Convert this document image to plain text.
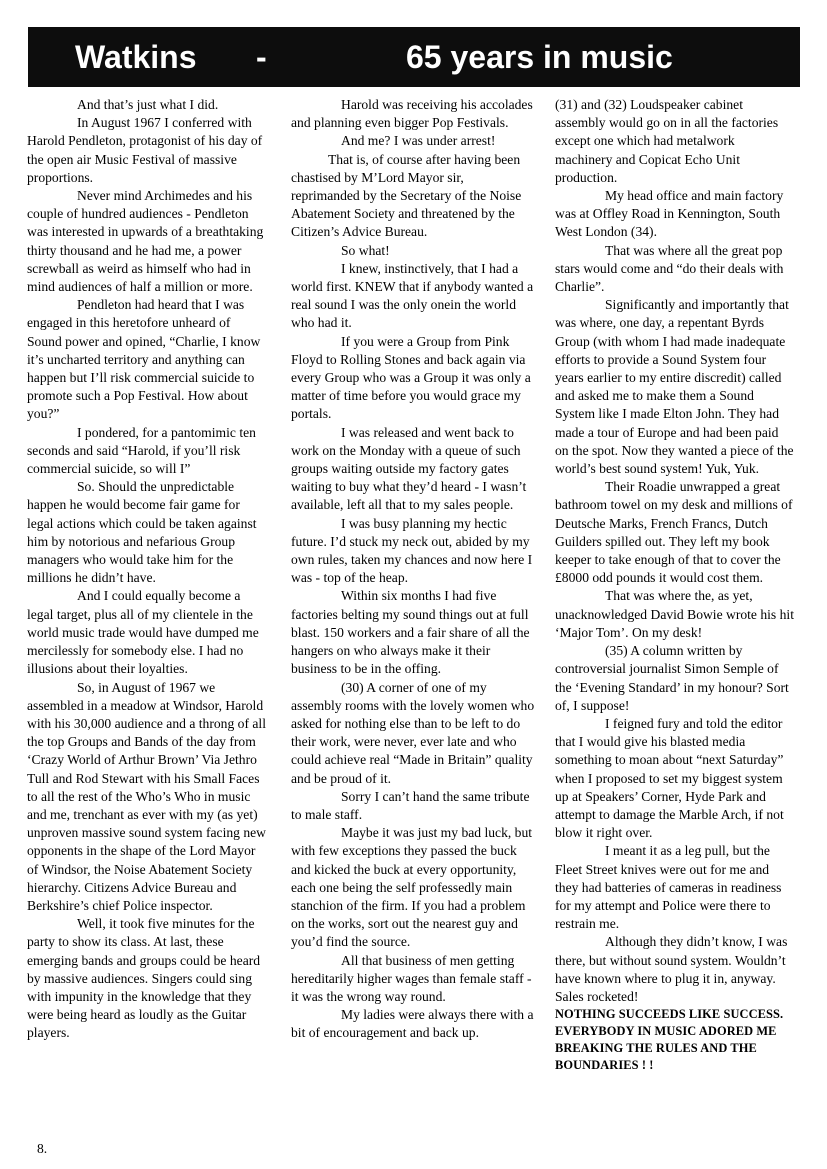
Watkins -	65 years in music

And that’s just what I did.

In August 1967 I conferred with Harold Pendleton, protagonist of his day of the open air Music Festival of massive proportions.

Never mind Archimedes and his couple of hundred audiences - Pendleton was interested in upwards of a breathtaking thirty thousand and he had me, a power screwball as weird as himself who had in mind audiences of half a million or more.

Pendleton had heard that I was engaged in this heretofore unheard of Sound power and opined, “Charlie, I know it’s uncharted territory and anything can happen but I’ll risk commercial suicide to promote such a Pop Festival. How about you?”

I pondered, for a pantomimic ten seconds and said “Harold, if you’ll risk commercial suicide, so will I”

So. Should the unpredictable happen he would become fair game for legal actions which could be taken against him by notorious and nefarious Group managers who would take him for the millions he didn’t have.

And I could equally become a legal target, plus all of my clientele in the world music trade would have dumped me mercilessly for somebody else. I had no illusions about their loyalties.

So, in August of 1967 we assembled in a meadow at Windsor, Harold with his 30,000 audience and a throng of all the top Groups and Bands of the day from ‘Crazy World of Arthur Brown’ Via Jethro Tull and Rod Stewart with his Small Faces to all the rest of the Who’s Who in music and me, trenchant as ever with my (as yet) unproven massive sound system facing new opponents in the shape of the Lord Mayor of Windsor, the Noise Abatement Society hierarchy. Citizens Advice Bureau and Berkshire’s chief Police inspector.

Well, it took five minutes for the party to show its class. At last, these emerging bands and groups could be heard by massive audiences. Singers could sing with impunity in the knowledge that they were being heard as loudly as the Guitar players.

Harold was receiving his accolades and planning even bigger Pop Festivals.

And me? I was under arrest!

That is, of course after having been chastised by M’Lord Mayor sir, reprimanded by the Secretary of the Noise Abatement Society and threatened by the Citizen’s Advice Bureau.

So what!

I knew, instinctively, that I had a world first. KNEW that if anybody wanted a real sound I was the only onein the world who had it.

If you were a Group from Pink Floyd to Rolling Stones and back again via every Group who was a Group it was only a matter of time before you would grace my portals.

I was released and went back to work on the Monday with a queue of such groups waiting outside my factory gates waiting to buy what they’d heard - I wasn’t available, left all that to my sales people.

I was busy planning my hectic future. I’d stuck my neck out, abided by my own rules, taken my chances and now here I was - top of the heap.

Within six months I had five factories belting my sound things out at full blast. 150 workers and a fair share of all the hangers on who always make it their business to be in the offing.

(30) A corner of one of my assembly rooms with the lovely women who asked for nothing else than to be left to do their work, were never, ever late and who could achieve real “Made in Britain” quality and be proud of it.

Sorry I can’t hand the same tribute to male staff.

Maybe it was just my bad luck, but with few exceptions they passed the buck and kicked the buck at every opportunity, each one being the self professedly main stanchion of the firm. If you had a problem on the works, sort out the nearest guy and you’d find the source.

All that business of men getting hereditarily higher wages than female staff - it was the wrong way round.

My ladies were always there with a bit of encouragement and back up.

(31) and (32) Loudspeaker cabinet assembly would go on in all the factories except one which had metalwork machinery and Copicat Echo Unit production.

My head office and main factory was at Offley Road in Kennington, South West London (34).

That was where all the great pop stars would come and “do their deals with Charlie”.

Significantly and importantly that was where, one day, a repentant Byrds Group (with whom I had made inadequate efforts to provide a Sound System four years earlier to my entire discredit) called and asked me to make them a Sound System like I made Elton John. They had made a tour of Europe and had been paid on the spot. Now they wanted a piece of the world’s best sound system! Yuk, Yuk.

Their Roadie unwrapped a great bathroom towel on my desk and millions of Deutsche Marks, French Francs, Dutch Guilders spilled out. They left my book keeper to take enough of that to cover the £8000 odd pounds it would cost them.

That was where the, as yet, unacknowledged David Bowie wrote his hit ‘Major Tom’. On my desk!

(35) A column written by controversial journalist Simon Semple of the ‘Evening Standard’ in my honour? Sort of, I suppose!

I feigned fury and told the editor that I would give his blasted media something to moan about “next Saturday” when I proposed to set my biggest system up at Speakers’ Corner, Hyde Park and attempt to damage the Marble Arch, if not blow it right over.

I meant it as a leg pull, but the Fleet Street knives were out for me and they had batteries of cameras in readiness for my attempt and Police were there to restrain me.

Although they didn’t know, I was there, but without sound system. Wouldn’t have known where to plug it in, anyway. Sales rocketed!

NOTHING SUCCEEDS LIKE SUCCESS. EVERYBODY IN MUSIC ADORED ME BREAKING THE RULES AND THE BOUNDARIES ! !

8.
